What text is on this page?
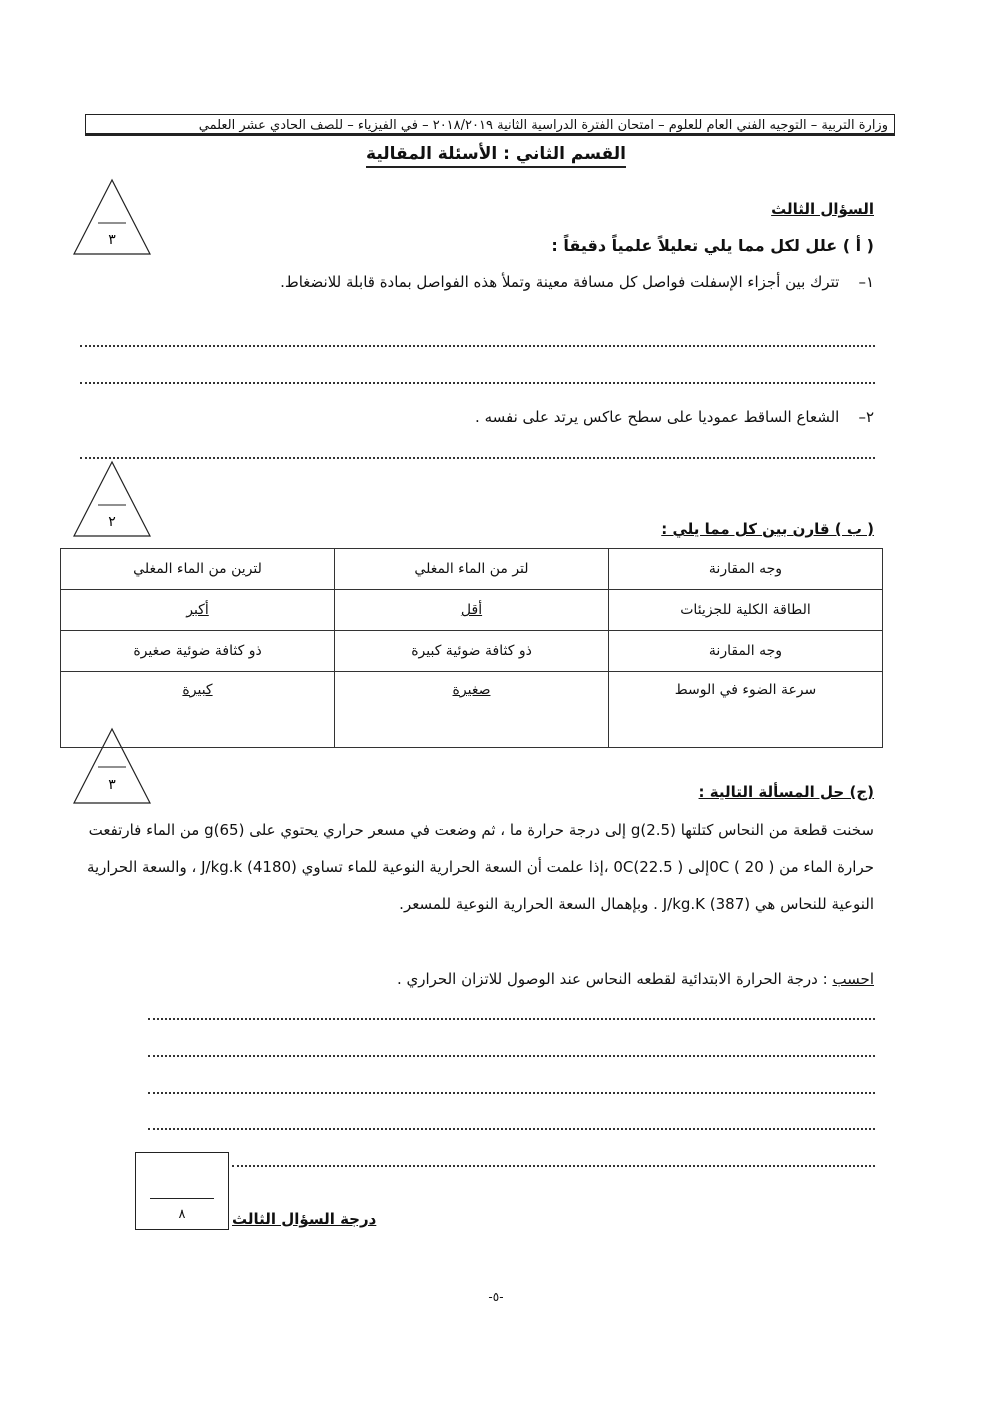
وزارة التربية – التوجيه الفني العام للعلوم – امتحان الفترة الدراسية الثانية ٢٠١٨/٢٠١٩ – في الفيزياء – للصف الحادي عشر العلمي
القسم الثاني : الأسئلة المقالية
٣
السؤال الثالث
( أ ) علل لكل مما يلي تعليلاً علمياً دقيقاً :
١–    تترك بين أجزاء الإسفلت فواصل كل مسافة معينة وتملأ هذه الفواصل بمادة قابلة للانضغاط.
٢–    الشعاع الساقط عموديا على سطح عاكس يرتد على نفسه .
٢	( ب ) قارن بين كل مما يلي :
وجه المقارنة	لتر من الماء المغلي	لترين من الماء المغلي
الطاقة الكلية للجزيئات	أقل	أكبر
وجه المقارنة	ذو كثافة ضوئية كبيرة	ذو كثافة ضوئية صغيرة
سرعة الضوء في الوسط	صغيرة	كبيرة
٣	(ج) حل المسألة التالية :
سخنت قطعة من النحاس كتلتها g(2.5) إلى درجة حرارة ما ، ثم وضعت في مسعر حراري يحتوي على g(65) من الماء فارتفعت حرارة الماء من 0C ( 20 )إلى 0C(22.5 ) ،إذا علمت أن السعة الحرارية النوعية للماء تساوي J/kg.k (4180) ، والسعة الحرارية النوعية للنحاس هي J/kg.K (387) . وبإهمال السعة الحرارية النوعية للمسعر.
احسب : درجة الحرارة الابتدائية لقطعه النحاس عند الوصول للاتزان الحراري .
٨	درجة السؤال الثالث
-٥-
